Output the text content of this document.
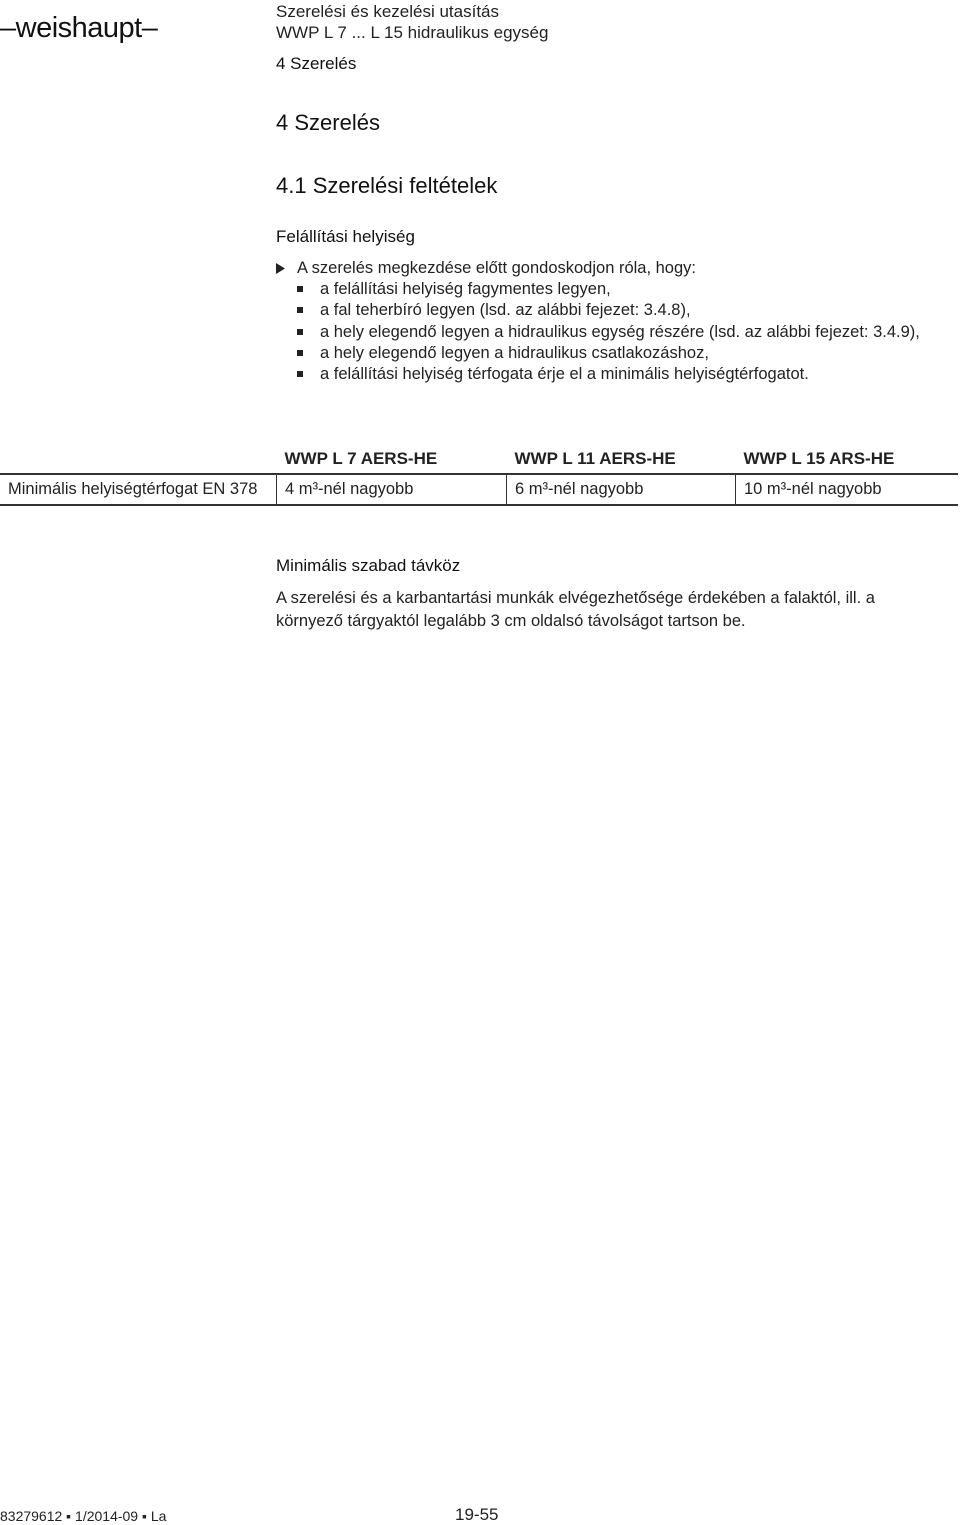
–weishaupt–
Szerelési és kezelési utasítás
WWP L 7 ... L 15 hidraulikus egység
4 Szerelés
4 Szerelés
4.1 Szerelési feltételek
Felállítási helyiség
A szerelés megkezdése előtt gondoskodjon róla, hogy:
a felállítási helyiség fagymentes legyen,
a fal teherbíró legyen (lsd. az alábbi fejezet: 3.4.8),
a hely elegendő legyen a hidraulikus egység részére (lsd. az alábbi fejezet: 3.4.9),
a hely elegendő legyen a hidraulikus csatlakozáshoz,
a felállítási helyiség térfogata érje el a minimális helyiségtérfogatot.
	WWP L 7 AERS-HE	WWP L 11 AERS-HE	WWP L 15 ARS-HE
Minimális helyiségtérfogat EN 378	4 m³-nél nagyobb	6 m³-nél nagyobb	10 m³-nél nagyobb
Minimális szabad távköz
A szerelési és a karbantartási munkák elvégezhetősége érdekében a falaktól, ill. a környező tárgyaktól legalább 3 cm oldalsó távolságot tartson be.
83279612 ▪ 1/2014-09 ▪ La	19-55
